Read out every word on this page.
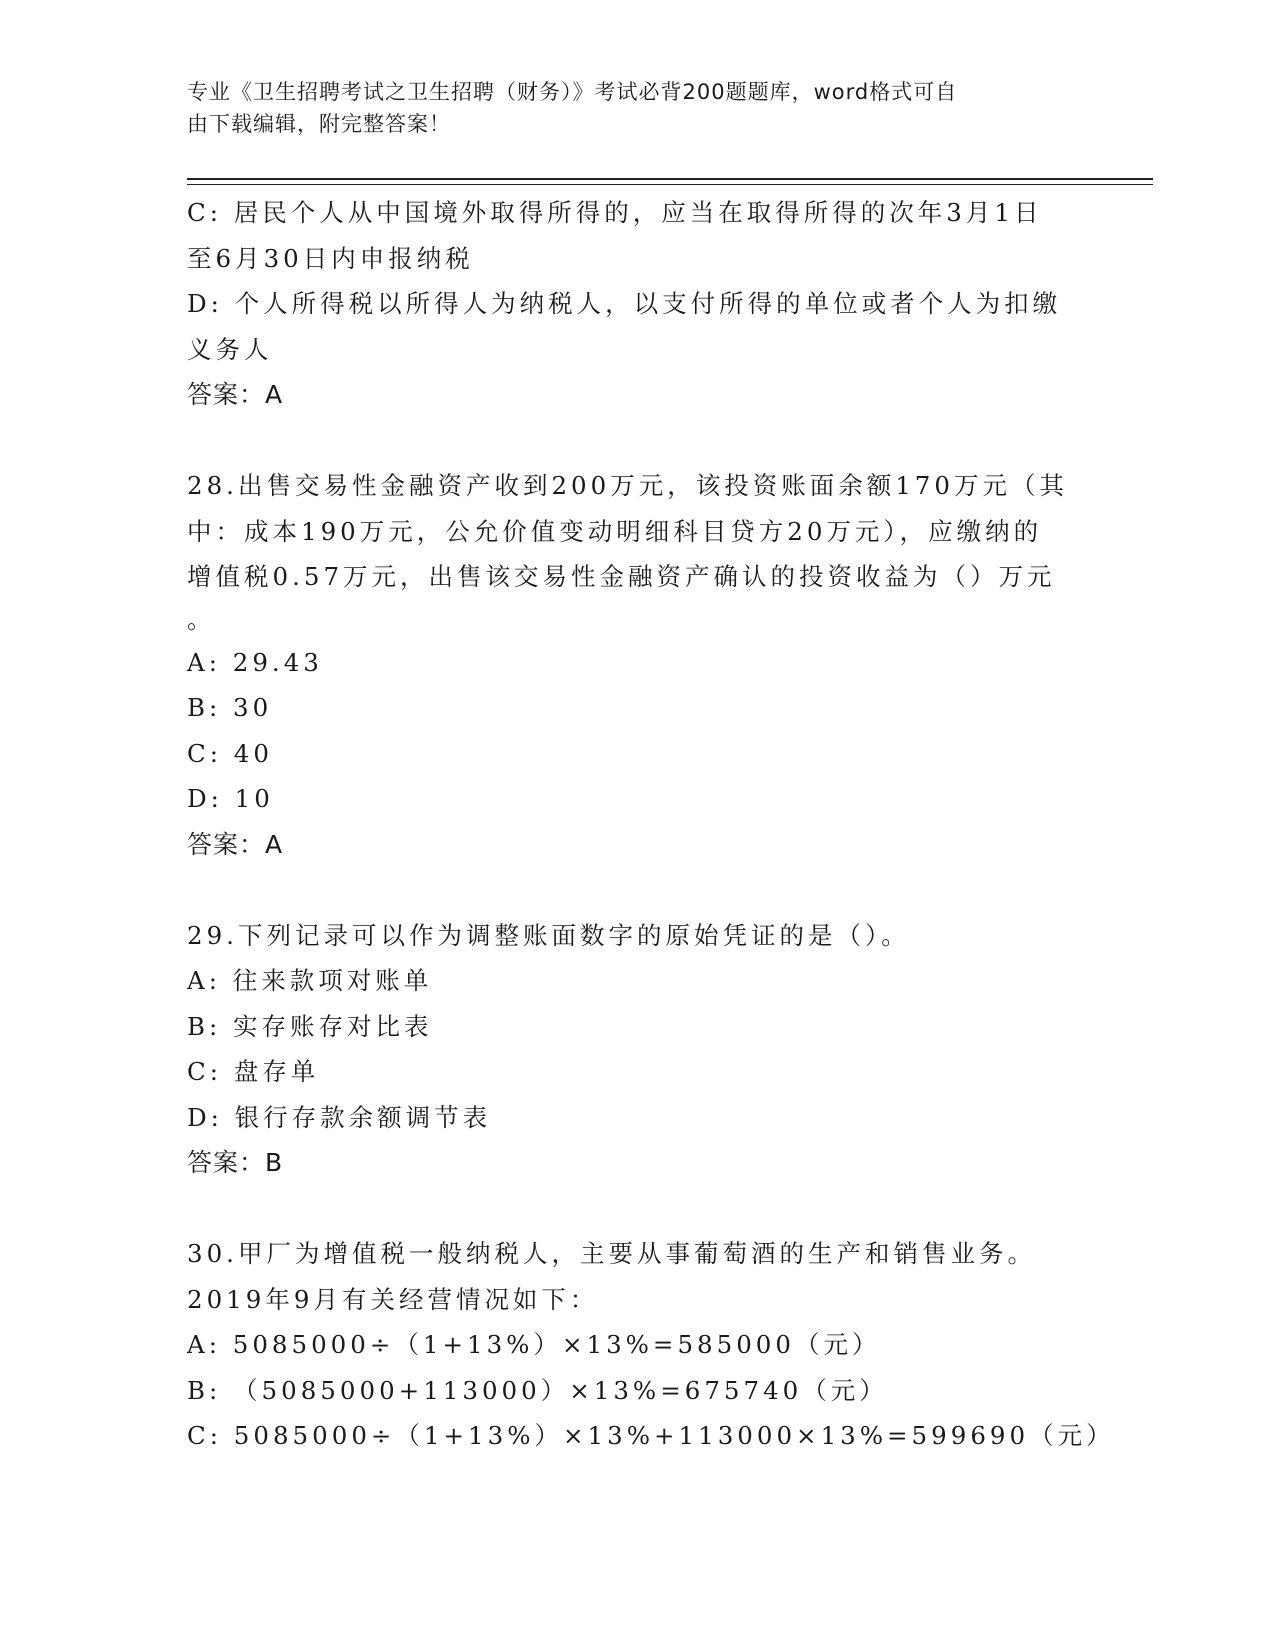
专业《卫生招聘考试之卫生招聘（财务）》考试必背200题题库，word格式可自
由下载编辑，附完整答案！
C: 居民个人从中国境外取得所得的，应当在取得所得的次年3月1日
至6月30日内申报纳税
D: 个人所得税以所得人为纳税人，以支付所得的单位或者个人为扣缴
义务人
答案：A
28.出售交易性金融资产收到200万元，该投资账面余额170万元（其
中：成本190万元，公允价值变动明细科目贷方20万元），应缴纳的
增值税0.57万元，出售该交易性金融资产确认的投资收益为（）万元
。
A: 29.43
B: 30
C: 40
D: 10
答案：A
29.下列记录可以作为调整账面数字的原始凭证的是（）。
A: 往来款项对账单
B: 实存账存对比表
C: 盘存单
D: 银行存款余额调节表
答案：B
30.甲厂为增值税一般纳税人，主要从事葡萄酒的生产和销售业务。
2019年9月有关经营情况如下：
A: 5085000÷（1+13%）×13%=585000（元）
B: （5085000+113000）×13%=675740（元）
C: 5085000÷（1+13%）×13%+113000×13%=599690（元）
